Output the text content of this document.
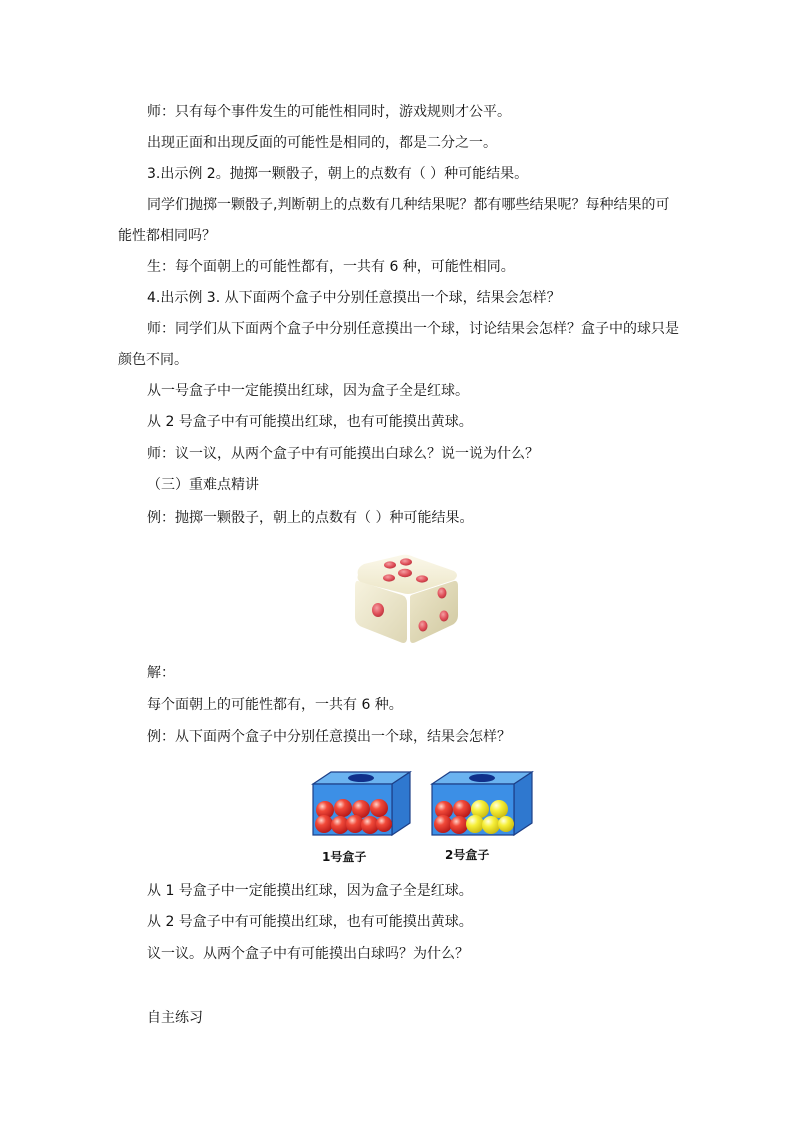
师：只有每个事件发生的可能性相同时，游戏规则才公平。
出现正面和出现反面的可能性是相同的，都是二分之一。
3.出示例 2。抛掷一颗骰子，朝上的点数有（ ）种可能结果。
同学们抛掷一颗骰子,判断朝上的点数有几种结果呢？都有哪些结果呢？每种结果的可
能性都相同吗？
生：每个面朝上的可能性都有，一共有 6 种，可能性相同。
4.出示例 3. 从下面两个盒子中分别任意摸出一个球，结果会怎样？
师：同学们从下面两个盒子中分别任意摸出一个球，讨论结果会怎样？盒子中的球只是
颜色不同。
从一号盒子中一定能摸出红球，因为盒子全是红球。
从 2 号盒子中有可能摸出红球，也有可能摸出黄球。
师：议一议，从两个盒子中有可能摸出白球么？说一说为什么？
（三）重难点精讲
例：抛掷一颗骰子，朝上的点数有（ ）种可能结果。
解：
每个面朝上的可能性都有，一共有 6 种。
例：从下面两个盒子中分别任意摸出一个球，结果会怎样？
1号盒子	2号盒子
从 1 号盒子中一定能摸出红球，因为盒子全是红球。
从 2 号盒子中有可能摸出红球，也有可能摸出黄球。
议一议。从两个盒子中有可能摸出白球吗？为什么？
自主练习
